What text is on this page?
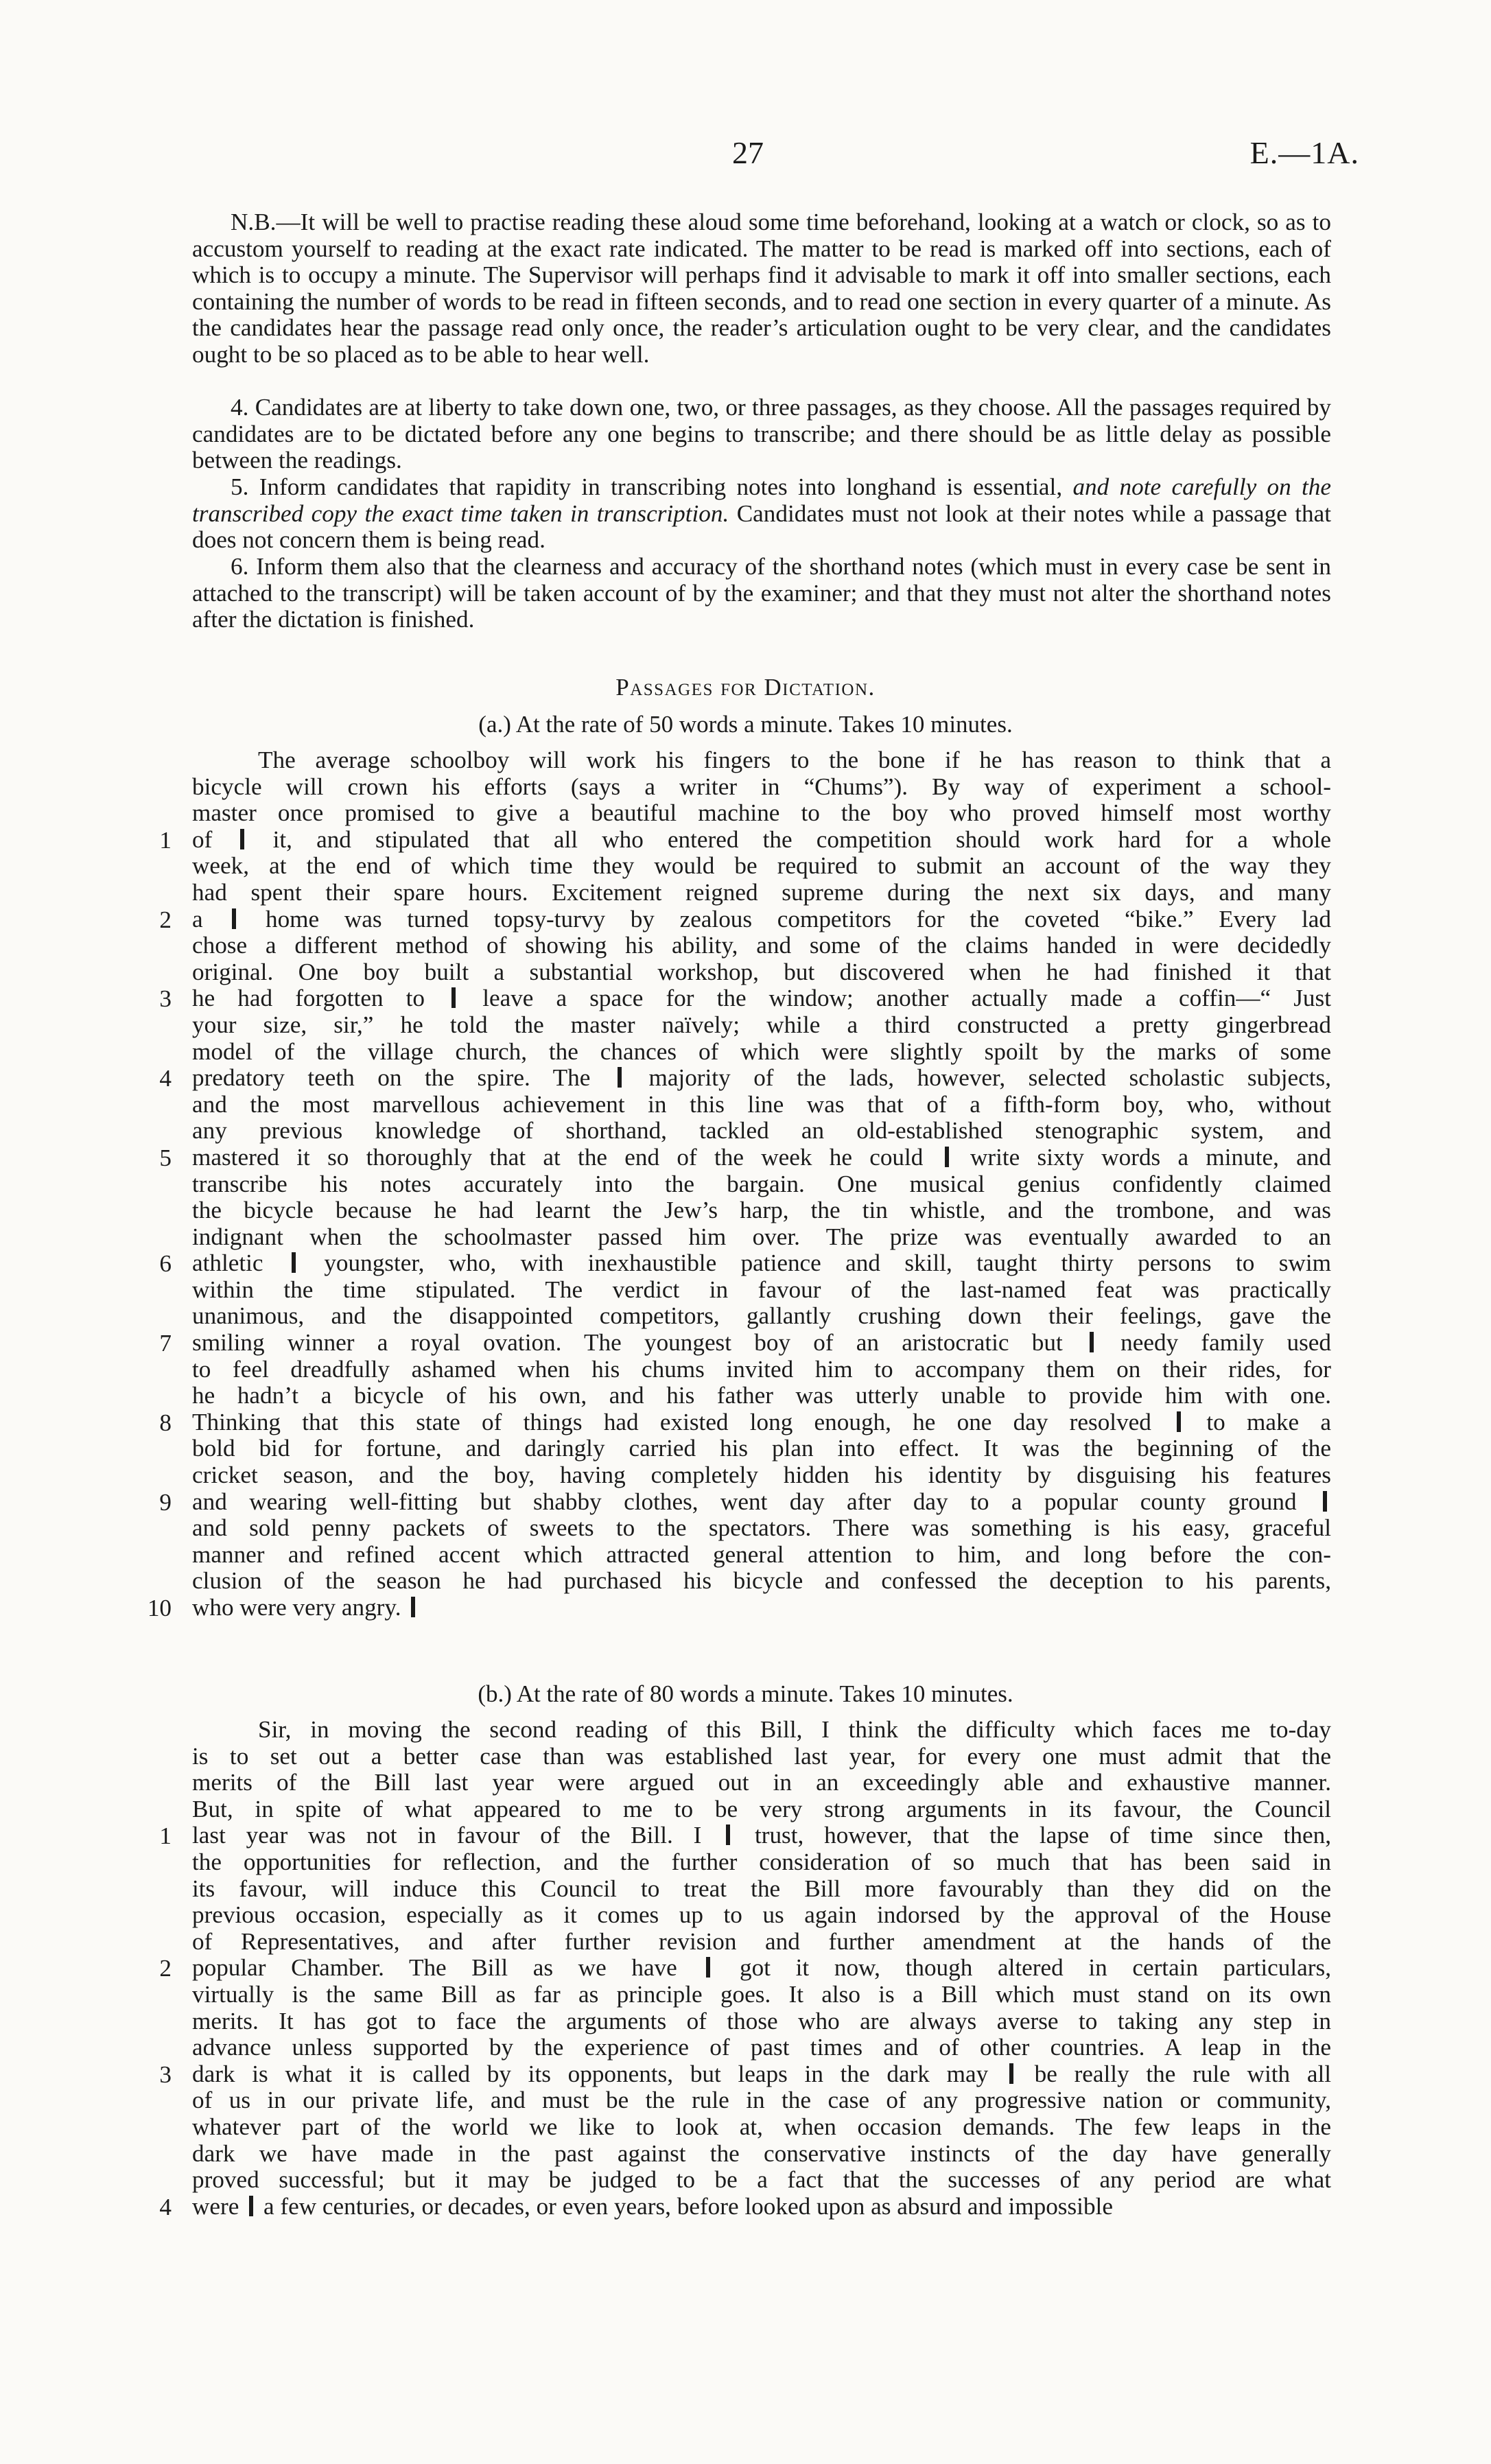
27	E.—1A.
N.B.—It will be well to practise reading these aloud some time beforehand, looking at a watch or clock, so as to accustom yourself to reading at the exact rate indicated. The matter to be read is marked off into sections, each of which is to occupy a minute. The Supervisor will perhaps find it advisable to mark it off into smaller sections, each containing the number of words to be read in fifteen seconds, and to read one section in every quarter of a minute. As the candidates hear the passage read only once, the reader’s articulation ought to be very clear, and the candidates ought to be so placed as to be able to hear well.
4. Candidates are at liberty to take down one, two, or three passages, as they choose. All the passages required by candidates are to be dictated before any one begins to transcribe; and there should be as little delay as possible between the readings.
5. Inform candidates that rapidity in transcribing notes into longhand is essential, and note carefully on the transcribed copy the exact time taken in transcription. Candidates must not look at their notes while a passage that does not concern them is being read.
6. Inform them also that the clearness and accuracy of the shorthand notes (which must in every case be sent in attached to the transcript) will be taken account of by the examiner; and that they must not alter the shorthand notes after the dictation is finished.
Passages for Dictation.
(a.) At the rate of 50 words a minute. Takes 10 minutes.
The average schoolboy will work his fingers to the bone if he has reason to think that a
bicycle will crown his efforts (says a writer in “Chums”). By way of experiment a school-
master once promised to give a beautiful machine to the boy who proved himself most worthy
of  it, and stipulated that all who entered the competition should work hard for a whole
week, at the end of which time they would be required to submit an account of the way they
had spent their spare hours. Excitement reigned supreme during the next six days, and many
a  home was turned topsy-turvy by zealous competitors for the coveted “bike.” Every lad
chose a different method of showing his ability, and some of the claims handed in were decidedly
original. One boy built a substantial workshop, but discovered when he had finished it that
he had forgotten to  leave a space for the window; another actually made a coffin—“ Just
your size, sir,” he told the master naïvely; while a third constructed a pretty gingerbread
model of the village church, the chances of which were slightly spoilt by the marks of some
predatory teeth on the spire. The  majority of the lads, however, selected scholastic subjects,
and the most marvellous achievement in this line was that of a fifth-form boy, who, without
any previous knowledge of shorthand, tackled an old-established stenographic system, and
mastered it so thoroughly that at the end of the week he could  write sixty words a minute, and
transcribe his notes accurately into the bargain. One musical genius confidently claimed
the bicycle because he had learnt the Jew’s harp, the tin whistle, and the trombone, and was
indignant when the schoolmaster passed him over. The prize was eventually awarded to an
athletic  youngster, who, with inexhaustible patience and skill, taught thirty persons to swim
within the time stipulated. The verdict in favour of the last-named feat was practically
unanimous, and the disappointed competitors, gallantly crushing down their feelings, gave the
smiling winner a royal ovation. The youngest boy of an aristocratic but  needy family used
to feel dreadfully ashamed when his chums invited him to accompany them on their rides, for
he hadn’t a bicycle of his own, and his father was utterly unable to provide him with one.
Thinking that this state of things had existed long enough, he one day resolved  to make a
bold bid for fortune, and daringly carried his plan into effect. It was the beginning of the
cricket season, and the boy, having completely hidden his identity by disguising his features
and wearing well-fitting but shabby clothes, went day after day to a popular county ground
and sold penny packets of sweets to the spectators. There was something is his easy, graceful
manner and refined accent which attracted general attention to him, and long before the con-
clusion of the season he had purchased his bicycle and confessed the deception to his parents,
who were very angry.
1
2
3
4
5
6
7
8
9
10
(b.) At the rate of 80 words a minute. Takes 10 minutes.
Sir, in moving the second reading of this Bill, I think the difficulty which faces me to-day
is to set out a better case than was established last year, for every one must admit that the
merits of the Bill last year were argued out in an exceedingly able and exhaustive manner.
But, in spite of what appeared to me to be very strong arguments in its favour, the Council
last year was not in favour of the Bill. I  trust, however, that the lapse of time since then,
the opportunities for reflection, and the further consideration of so much that has been said in
its favour, will induce this Council to treat the Bill more favourably than they did on the
previous occasion, especially as it comes up to us again indorsed by the approval of the House
of Representatives, and after further revision and further amendment at the hands of the
popular Chamber. The Bill as we have  got it now, though altered in certain particulars,
virtually is the same Bill as far as principle goes. It also is a Bill which must stand on its own
merits. It has got to face the arguments of those who are always averse to taking any step in
advance unless supported by the experience of past times and of other countries. A leap in the
dark is what it is called by its opponents, but leaps in the dark may  be really the rule with all
of us in our private life, and must be the rule in the case of any progressive nation or community,
whatever part of the world we like to look at, when occasion demands. The few leaps in the
dark we have made in the past against the conservative instincts of the day have generally
proved successful; but it may be judged to be a fact that the successes of any period are what
were  a few centuries, or decades, or even years, before looked upon as absurd and impossible
1
2
3
4
